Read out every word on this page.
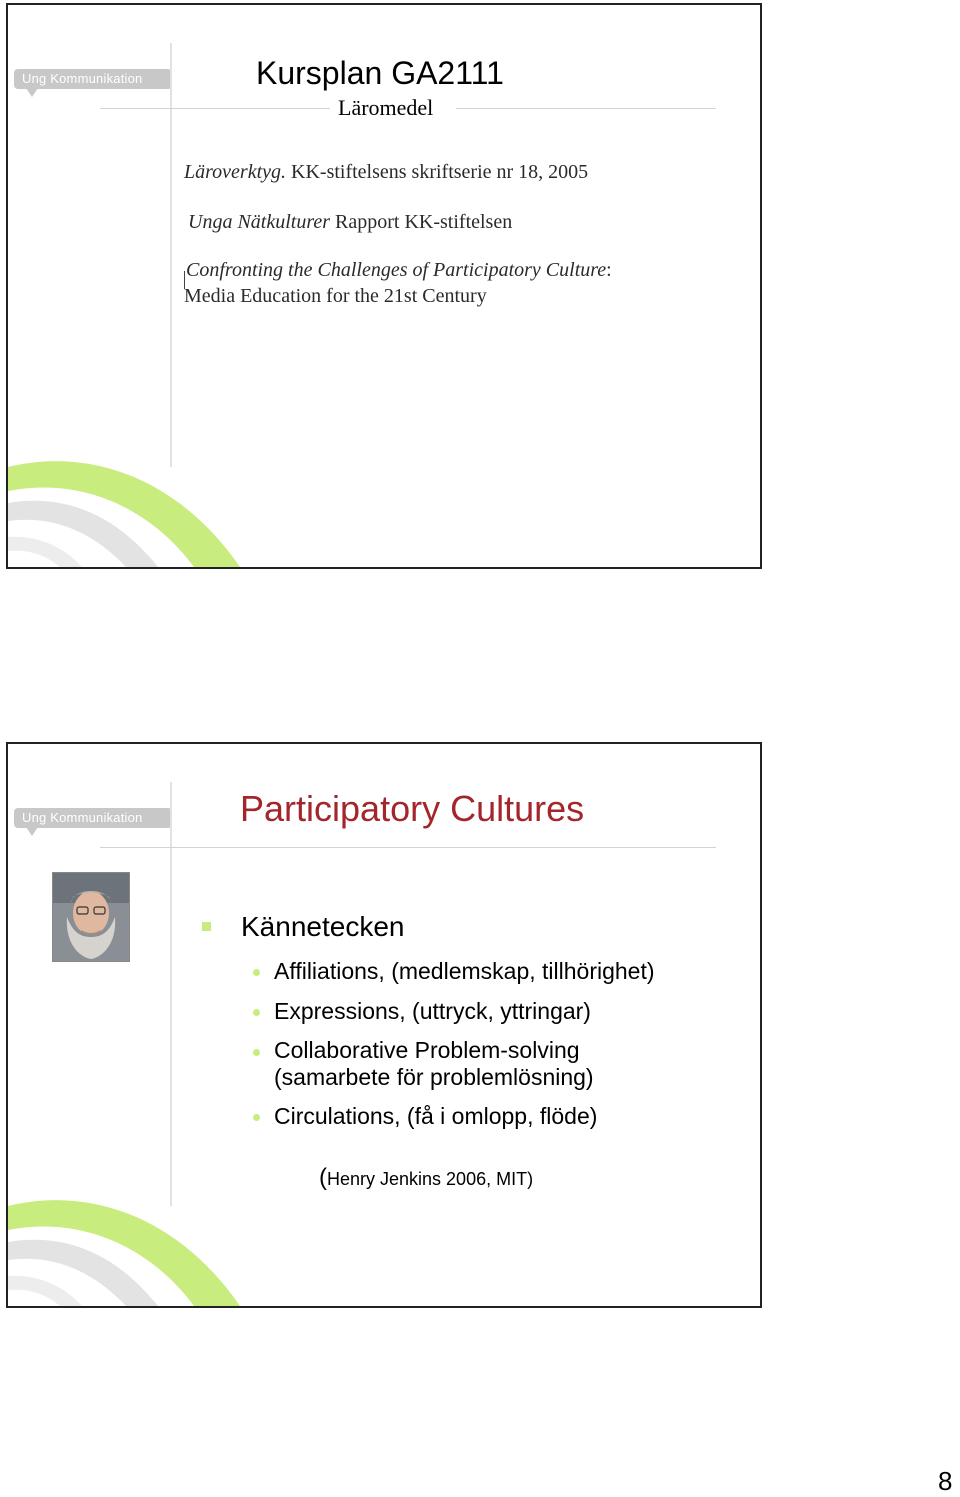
Ung Kommunikation	Kursplan GA2111
Läromedel
Läroverktyg. KK-stiftelsens skriftserie nr 18, 2005
Unga Nätkulturer Rapport KK-stiftelsen
Confronting the Challenges of Participatory Culture:
Media Education for the 21st Century
Ung Kommunikation	Participatory Cultures
Kännetecken
Affiliations, (medlemskap, tillhörighet)
Expressions, (uttryck, yttringar)
Collaborative Problem-solving
(samarbete för problemlösning)
Circulations, (få i omlopp, flöde)
(Henry Jenkins 2006, MIT)
8
